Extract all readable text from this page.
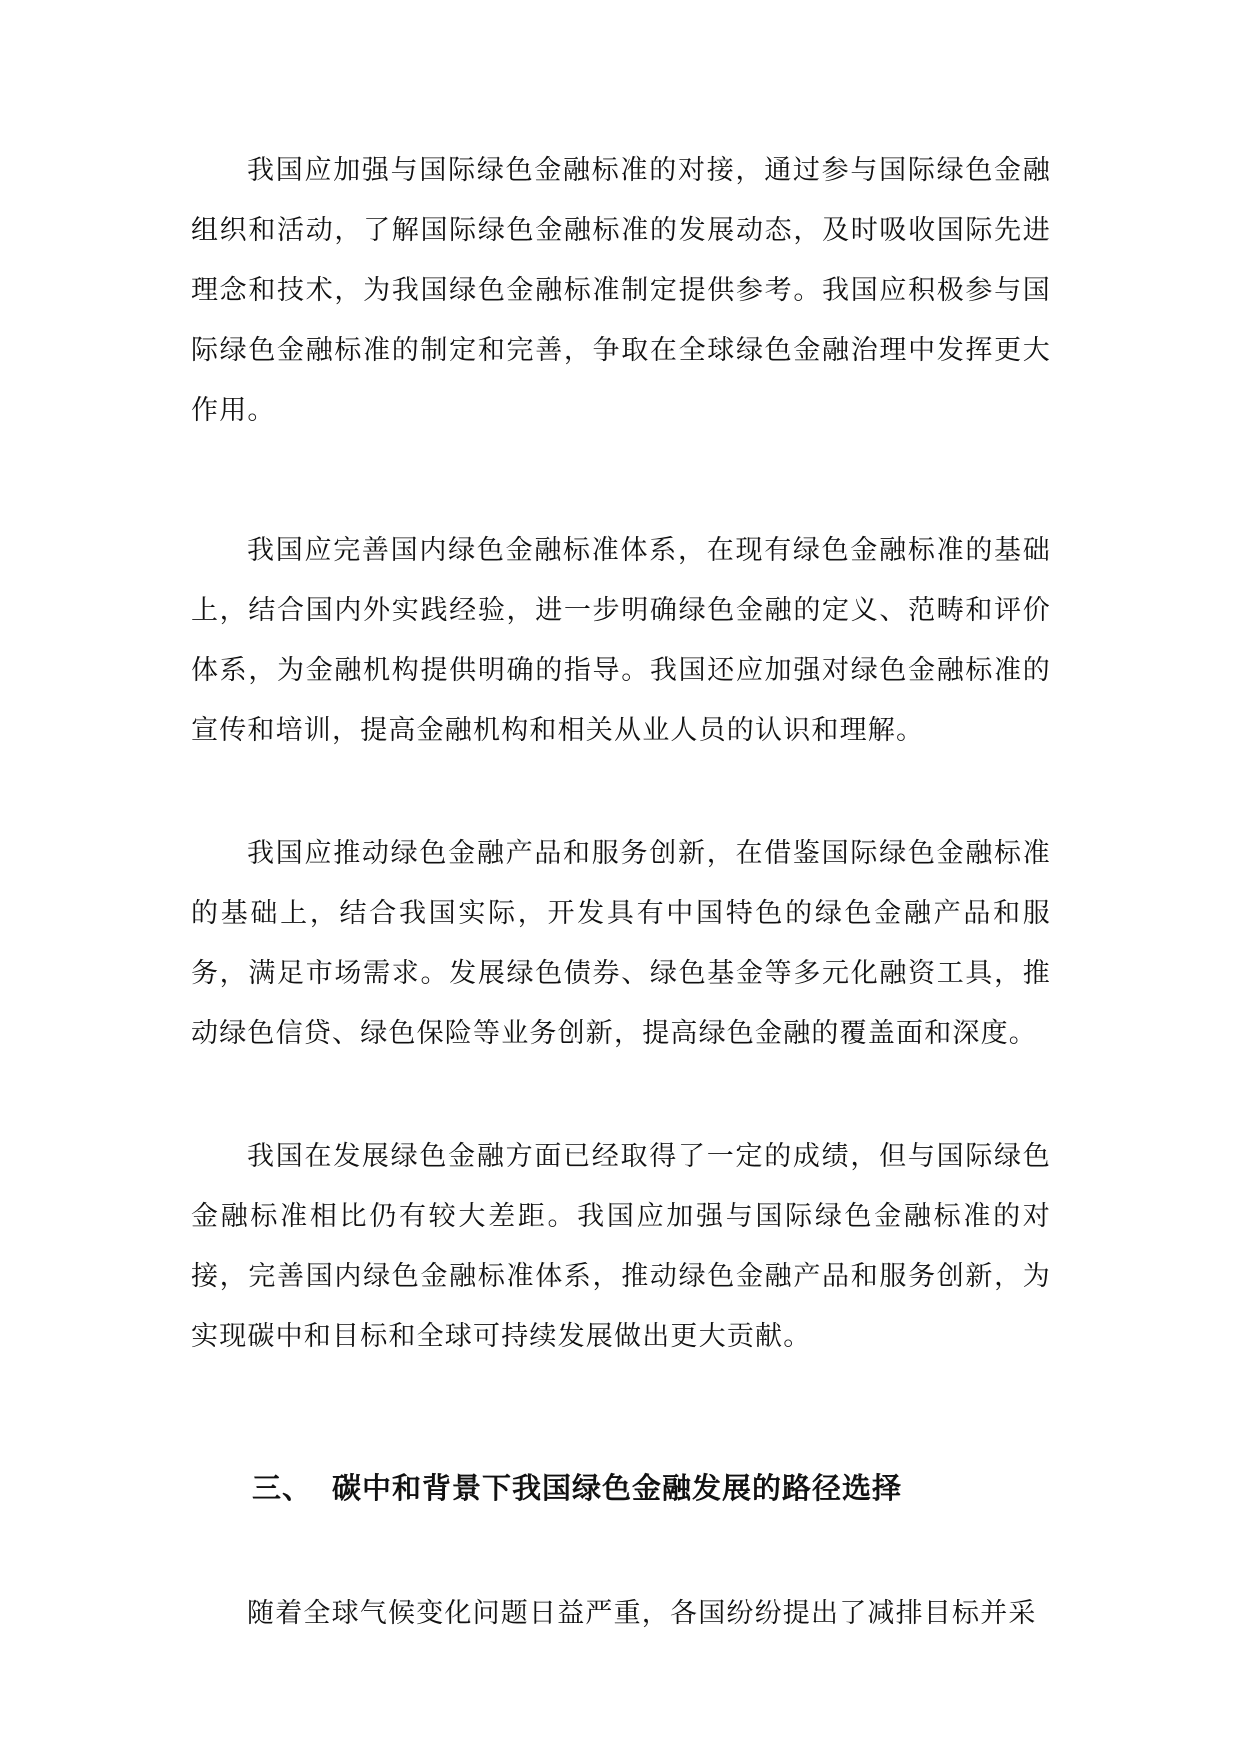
我国应加强与国际绿色金融标准的对接，通过参与国际绿色金融组织和活动，了解国际绿色金融标准的发展动态，及时吸收国际先进理念和技术，为我国绿色金融标准制定提供参考。我国应积极参与国际绿色金融标准的制定和完善，争取在全球绿色金融治理中发挥更大作用。

我国应完善国内绿色金融标准体系，在现有绿色金融标准的基础上，结合国内外实践经验，进一步明确绿色金融的定义、范畴和评价体系，为金融机构提供明确的指导。我国还应加强对绿色金融标准的宣传和培训，提高金融机构和相关从业人员的认识和理解。

我国应推动绿色金融产品和服务创新，在借鉴国际绿色金融标准的基础上，结合我国实际，开发具有中国特色的绿色金融产品和服务，满足市场需求。发展绿色债券、绿色基金等多元化融资工具，推动绿色信贷、绿色保险等业务创新，提高绿色金融的覆盖面和深度。

我国在发展绿色金融方面已经取得了一定的成绩，但与国际绿色金融标准相比仍有较大差距。我国应加强与国际绿色金融标准的对接，完善国内绿色金融标准体系，推动绿色金融产品和服务创新，为实现碳中和目标和全球可持续发展做出更大贡献。

三、 碳中和背景下我国绿色金融发展的路径选择

随着全球气候变化问题日益严重，各国纷纷提出了减排目标并采
